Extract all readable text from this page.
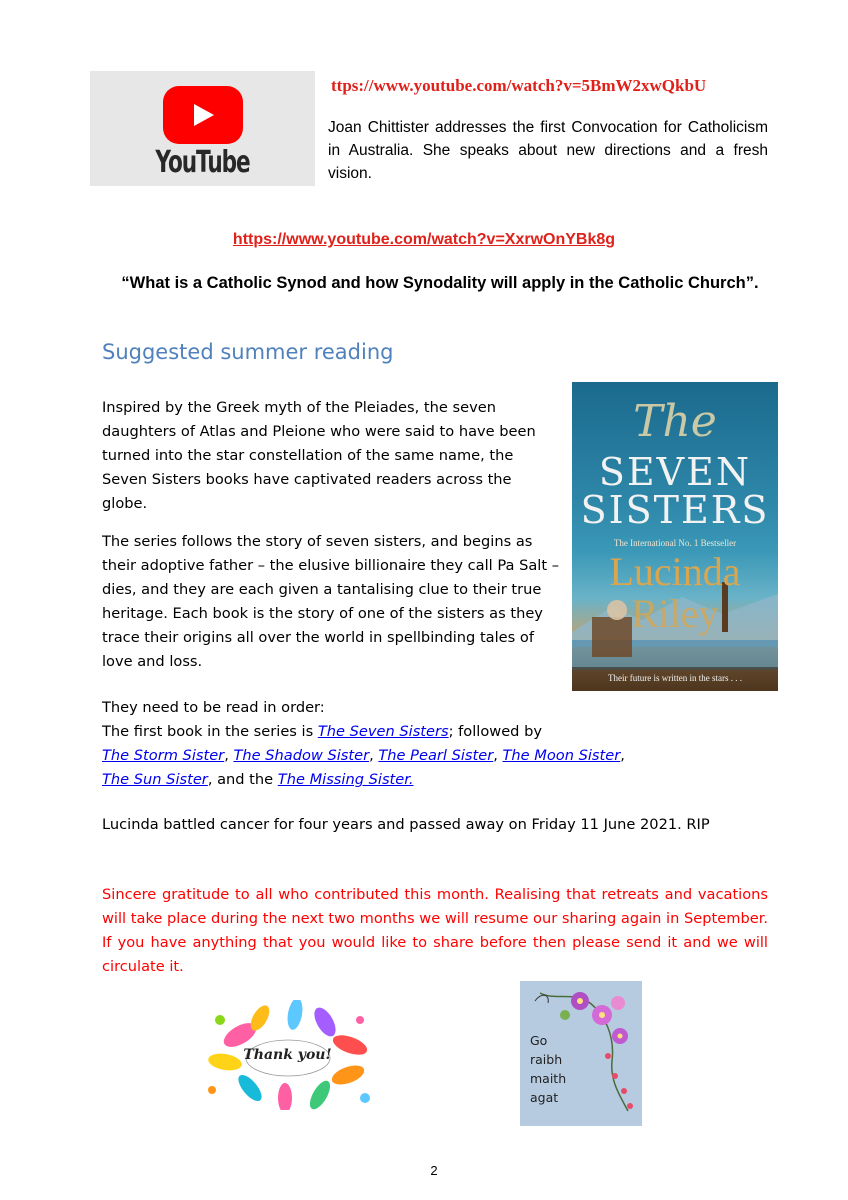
YouTube
ttps://www.youtube.com/watch?v=5BmW2xwQkbU
Joan Chittister addresses the first Convocation for Catholicism in Australia. She speaks about new directions and a fresh vision.
https://www.youtube.com/watch?v=XxrwOnYBk8g
“What is a Catholic Synod and how Synodality will apply in the Catholic Church”.
Suggested summer reading
Inspired by the Greek myth of the Pleiades, the seven daughters of Atlas and Pleione who were said to have been turned into the star constellation of the same name, the Seven Sisters books have captivated readers across the globe.
The series follows the story of seven sisters, and begins as their adoptive father – the elusive billionaire they call Pa Salt – dies, and they are each given a tantalising clue to their true heritage. Each book is the story of one of the sisters as they trace their origins all over the world in spellbinding tales of love and loss.
The
SEVEN
SISTERS
The International No. 1 Bestseller
Lucinda
Riley
Their future is written in the stars . . .
They need to be read in order:
The first book in the series is The Seven Sisters; followed by
The Storm Sister, The Shadow Sister, The Pearl Sister, The Moon Sister,
The Sun Sister, and the The Missing Sister.
Lucinda battled cancer for four years and passed away on Friday 11 June 2021. RIP
Sincere gratitude to all who contributed this month. Realising that retreats and vacations will take place during the next two months we will resume our sharing again in September. If you have anything that you would like to share before then please send it and we will circulate it.
Thank you!
Go
raibh
maith
agat
2
